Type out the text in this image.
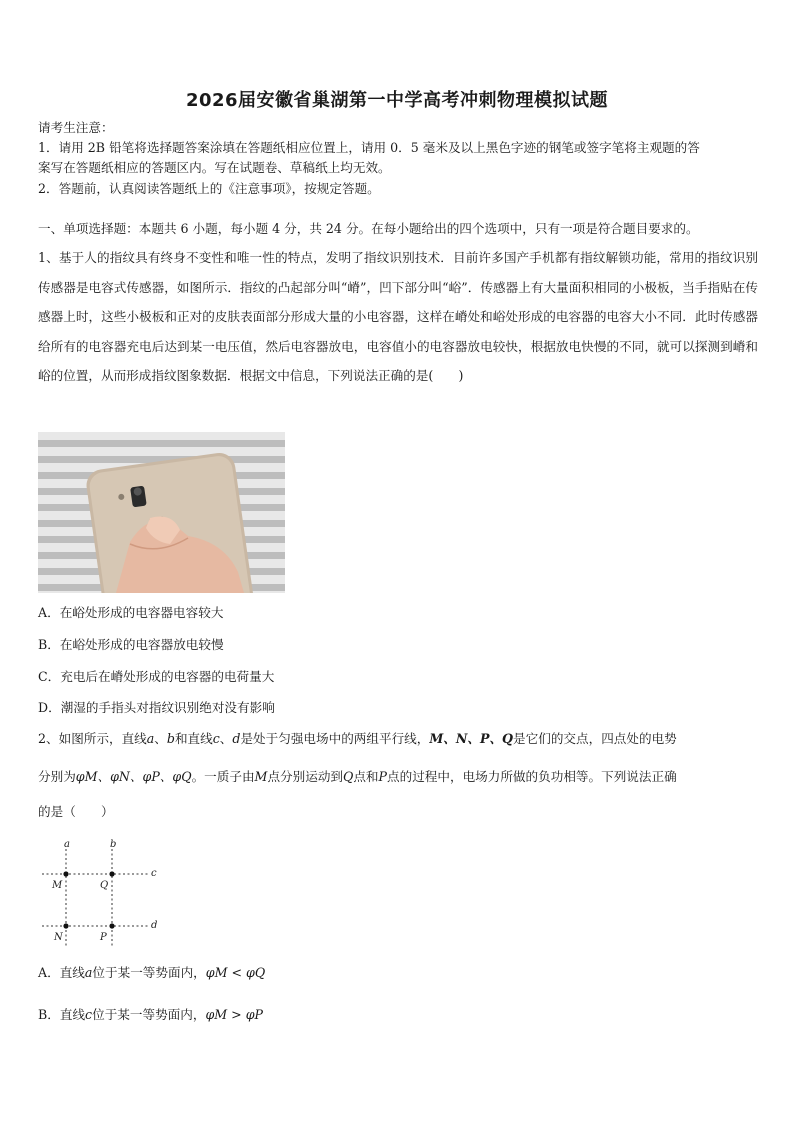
2026届安徽省巢湖第一中学高考冲刺物理模拟试题
请考生注意：
1．请用 2B 铅笔将选择题答案涂填在答题纸相应位置上，请用 0．5 毫米及以上黑色字迹的钢笔或签字笔将主观题的答
案写在答题纸相应的答题区内。写在试题卷、草稿纸上均无效。
2．答题前，认真阅读答题纸上的《注意事项》，按规定答题。
一、单项选择题：本题共 6 小题，每小题 4 分，共 24 分。在每小题给出的四个选项中，只有一项是符合题目要求的。
1、基于人的指纹具有终身不变性和唯一性的特点，发明了指纹识别技术．目前许多国产手机都有指纹解锁功能，常用的指纹识别传感器是电容式传感器，如图所示．指纹的凸起部分叫“嵴”，凹下部分叫“峪”．传感器上有大量面积相同的小极板，当手指贴在传感器上时，这些小极板和正对的皮肤表面部分形成大量的小电容器，这样在嵴处和峪处形成的电容器的电容大小不同．此时传感器给所有的电容器充电后达到某一电压值，然后电容器放电，电容值小的电容器放电较快，根据放电快慢的不同，就可以探测到嵴和峪的位置，从而形成指纹图象数据．根据文中信息，下列说法正确的是(　　)
A．在峪处形成的电容器电容较大
B．在峪处形成的电容器放电较慢
C．充电后在嵴处形成的电容器的电荷量大
D．潮湿的手指头对指纹识别绝对没有影响
2、如图所示，直线a、b和直线c、d是处于匀强电场中的两组平行线，M、N、P、Q是它们的交点，四点处的电势
分别为φM、φN、φP、φQ。一质子由M点分别运动到Q点和P点的过程中，电场力所做的负功相等。下列说法正确
的是（　　）
a	b
c
d
M	Q
N	P
A．直线a位于某一等势面内，φM < φQ
B．直线c位于某一等势面内，φM > φP
